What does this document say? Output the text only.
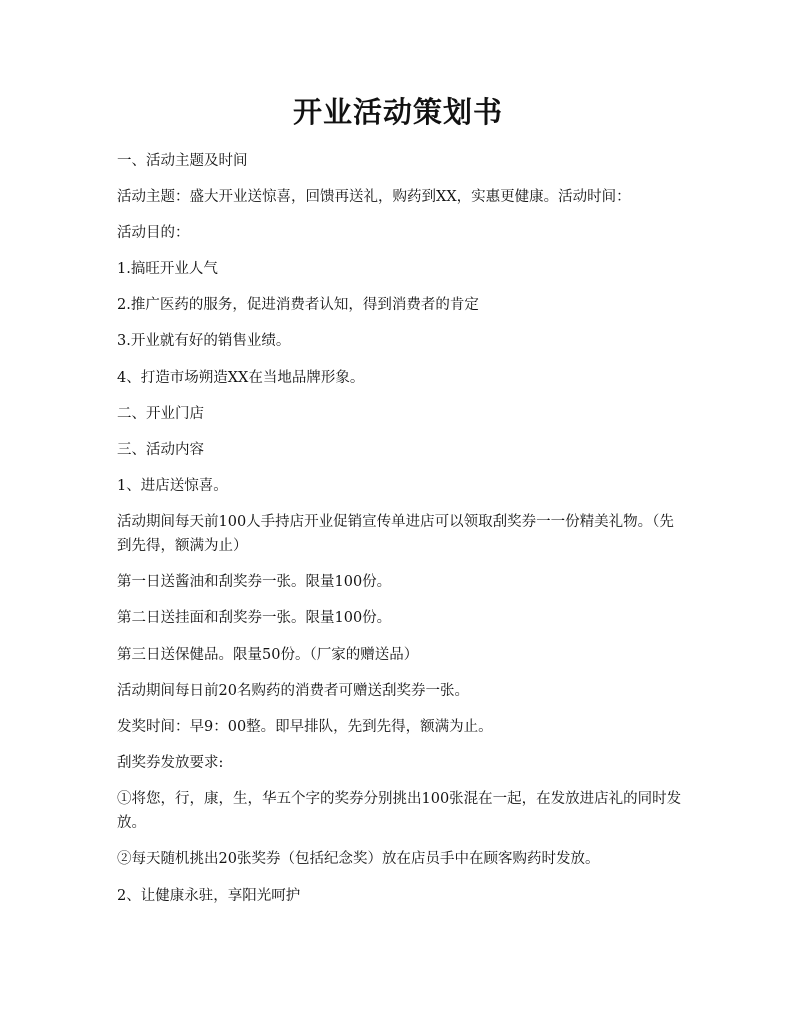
开业活动策划书

一、活动主题及时间

活动主题：盛大开业送惊喜，回馈再送礼，购药到XX，实惠更健康。活动时间：

活动目的：

1.搞旺开业人气

2.推广医药的服务，促进消费者认知，得到消费者的肯定

3.开业就有好的销售业绩。

4、打造市场朔造XX在当地品牌形象。

二、开业门店

三、活动内容

1、进店送惊喜。

活动期间每天前100人手持店开业促销宣传单进店可以领取刮奖券一一份精美礼物。（先到先得，额满为止）

第一日送酱油和刮奖券一张。限量100份。

第二日送挂面和刮奖券一张。限量100份。

第三日送保健品。限量50份。（厂家的赠送品）

活动期间每日前20名购药的消费者可赠送刮奖券一张。

发奖时间：早9：00整。即早排队，先到先得，额满为止。

刮奖券发放要求:

①将您，行，康，生，华五个字的奖券分别挑出100张混在一起，在发放进店礼的同时发放。

②每天随机挑出20张奖券（包括纪念奖）放在店员手中在顾客购药时发放。

2、让健康永驻，享阳光呵护
